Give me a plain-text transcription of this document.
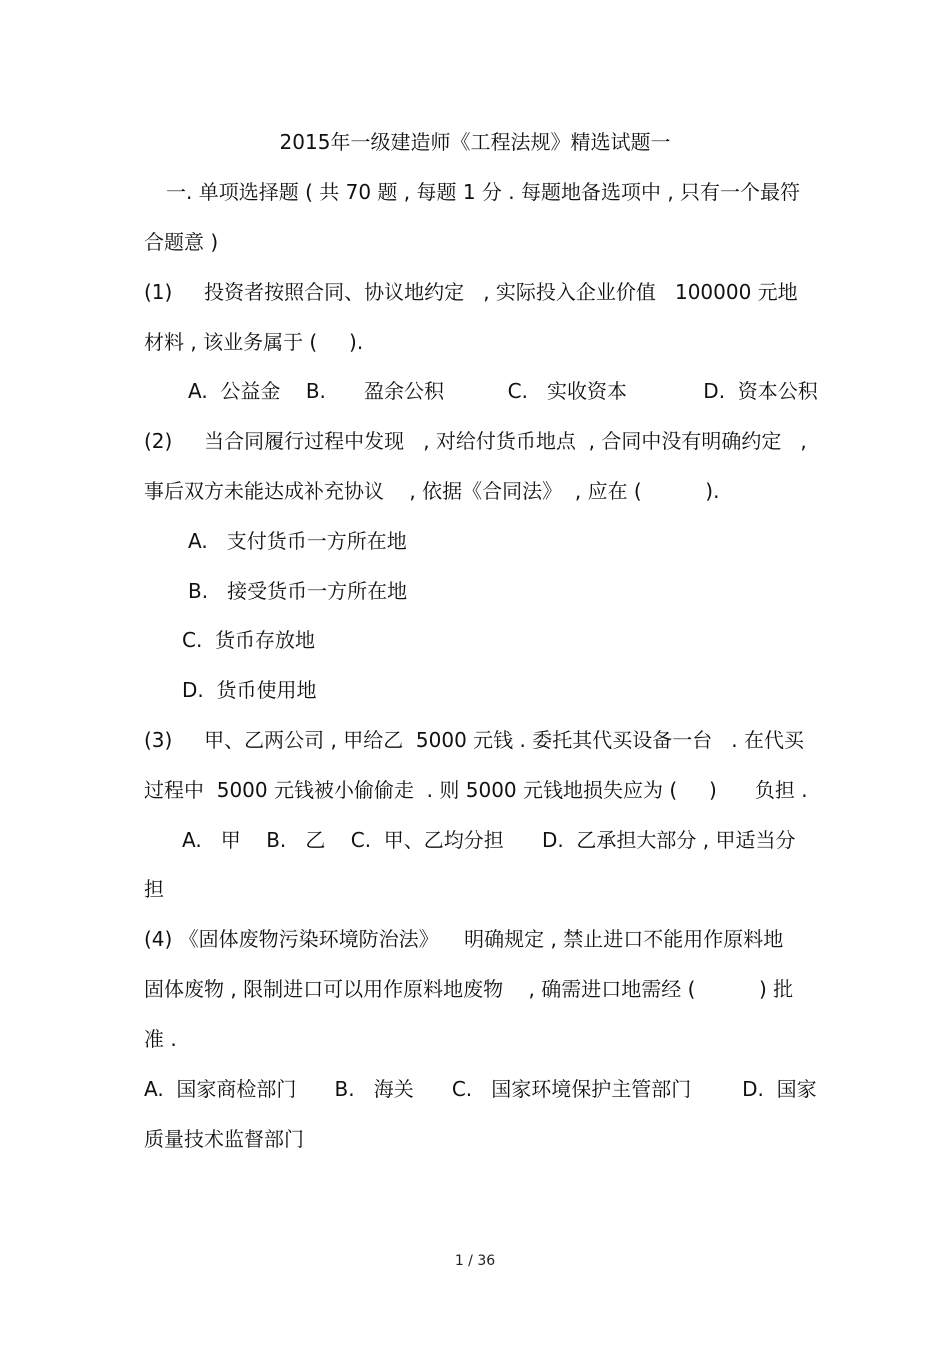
2015年一级建造师《工程法规》精选试题一
一. 单项选择题 ( 共 70 题 , 每题 1 分 . 每题地备选项中 , 只有一个最符
合题意 )
(1)     投资者按照合同、协议地约定   , 实际投入企业价值   100000 元地
材料 , 该业务属于 (     ).
A.  公益金    B.      盈余公积          C.   实收资本            D.  资本公积
(2)     当合同履行过程中发现   , 对给付货币地点  , 合同中没有明确约定   ,
事后双方未能达成补充协议    , 依据《合同法》  , 应在 (          ).
A.   支付货币一方所在地
B.   接受货币一方所在地
C.  货币存放地
D.  货币使用地
(3)     甲、乙两公司 , 甲给乙  5000 元钱 . 委托其代买设备一台   . 在代买
过程中  5000 元钱被小偷偷走  . 则 5000 元钱地损失应为 (     )      负担 .
A.   甲    B.   乙    C.  甲、乙均分担      D.  乙承担大部分 , 甲适当分
担
(4) 《固体废物污染环境防治法》    明确规定 , 禁止进口不能用作原料地
固体废物 , 限制进口可以用作原料地废物    , 确需进口地需经 (          ) 批
准 .
A.  国家商检部门      B.   海关      C.   国家环境保护主管部门        D.  国家
质量技术监督部门
1 / 36
